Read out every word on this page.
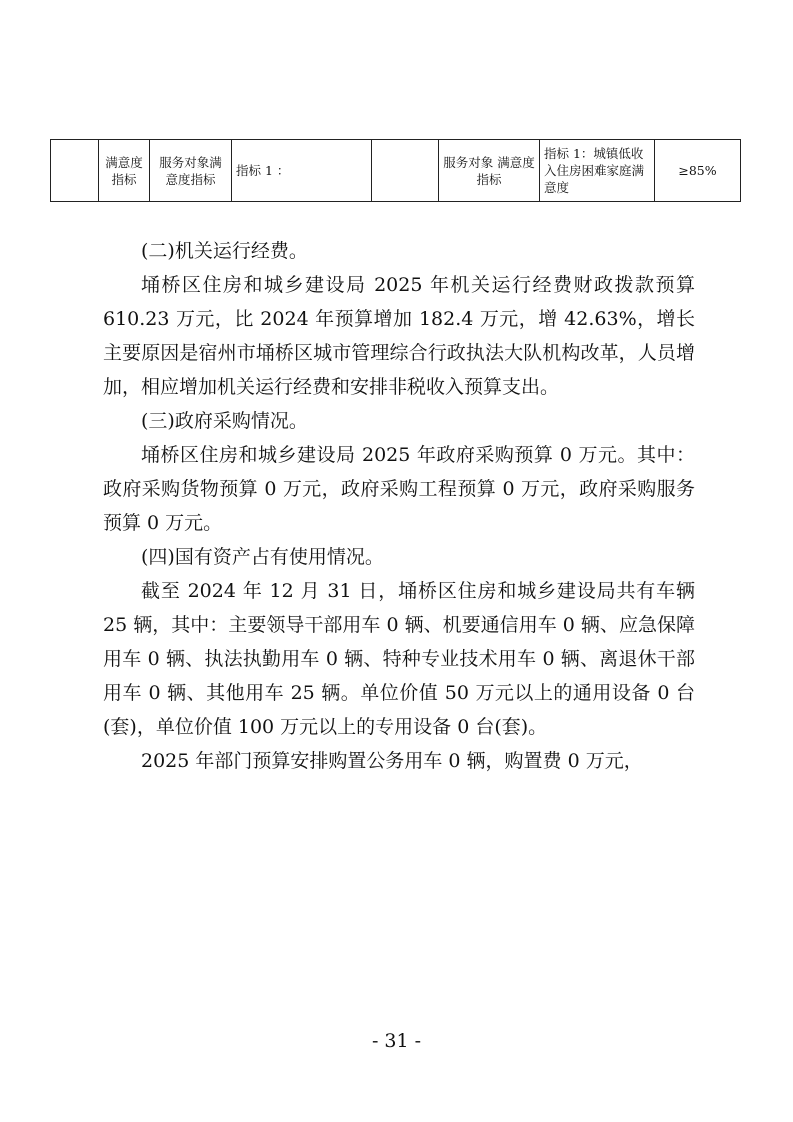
	满意度指标	服务对象满意度指标	指标 1 ：		服务对象 满意度指标	指标 1：城镇低收入住房困难家庭满意度	≥85%

(二)机关运行经费。

埇桥区住房和城乡建设局 2025 年机关运行经费财政拨款预算 610.23 万元，比 2024 年预算增加 182.4 万元，增 42.63%，增长主要原因是宿州市埇桥区城市管理综合行政执法大队机构改革，人员增加，相应增加机关运行经费和安排非税收入预算支出。

(三)政府采购情况。

埇桥区住房和城乡建设局 2025 年政府采购预算 0 万元。其中：政府采购货物预算 0 万元，政府采购工程预算 0 万元，政府采购服务预算 0 万元。

(四)国有资产占有使用情况。

截至 2024 年 12 月 31 日，埇桥区住房和城乡建设局共有车辆 25 辆，其中：主要领导干部用车 0 辆、机要通信用车 0 辆、应急保障用车 0 辆、执法执勤用车 0 辆、特种专业技术用车 0 辆、离退休干部用车 0 辆、其他用车 25 辆。单位价值 50 万元以上的通用设备 0 台(套)，单位价值 100 万元以上的专用设备 0 台(套)。

2025 年部门预算安排购置公务用车 0 辆，购置费 0 万元，

- 31 -
